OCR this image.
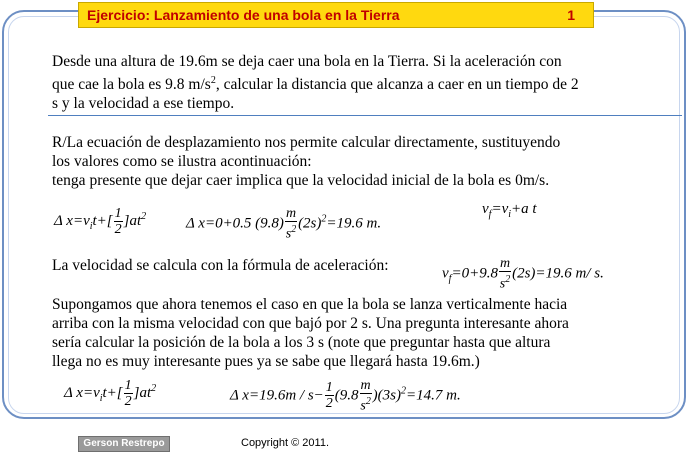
Ejercicio: Lanzamiento de una bola en la Tierra	1
Desde una altura de 19.6m se deja caer una bola en la Tierra. Si la aceleración con
que cae la bola es 9.8 $m/s^2$, calcular la distancia que alcanza a caer en un tiempo de 2
s y la velocidad a ese tiempo.
R/La ecuación de desplazamiento nos permite calcular directamente, sustituyendo
los valores como se ilustra acontinuación:
tenga presente que dejar caer implica que la velocidad inicial de la bola es 0m/s.
Δ $x=v_it+[ \frac{1}{2} ]at^2$	Δ x=0+0.5 $(9.8) \frac{m}{s^2} (2s)^2=19.6$ m.
$v_f=v_i+a$ t
La velocidad se calcula con la fórmula de aceleración:	$v_f=0+9.8 \frac{m}{s^2} (2s)=19.6$ m/ s.
Supongamos que ahora tenemos el caso en que la bola se lanza verticalmente hacia
arriba con la misma velocidad con que bajó por 2 s. Una pregunta interesante ahora
sería calcular la posición de la bola a los 3 s (note que preguntar hasta que altura
llega no es muy interesante pues ya se sabe que llegará hasta 19.6m.)
Δ $x=v_it+[ \frac{1}{2} ]at^2$	Δ $x=19.6m / s- \frac{1}{2} (9.8 \frac{m}{s^2} )(3s)^2=14.7$ m.
Gerson Restrepo	Copyright © 2011.
